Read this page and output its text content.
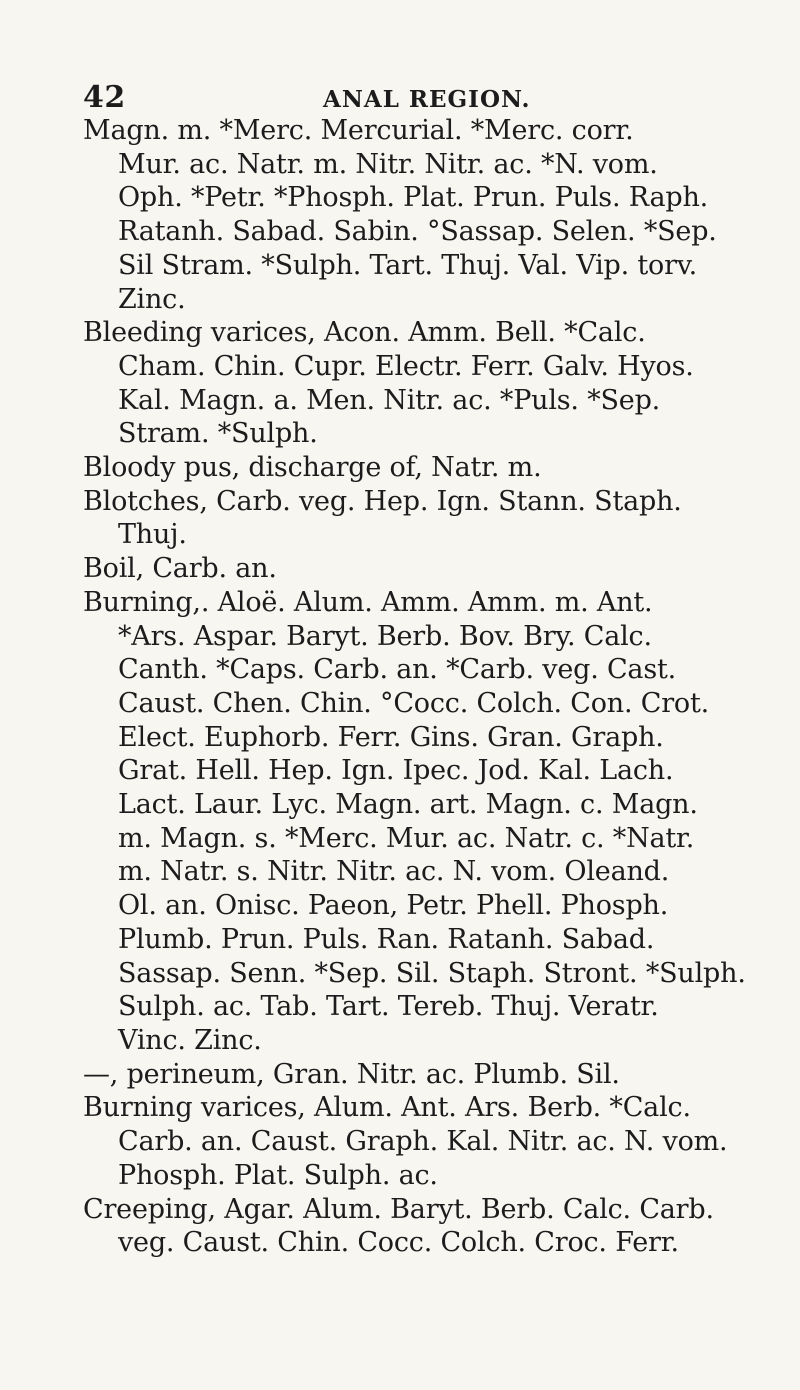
42	ANAL REGION.

Magn. m. *Merc. Mercurial. *Merc. corr.
Mur. ac. Natr. m. Nitr. Nitr. ac. *N. vom.
Oph. *Petr. *Phosph. Plat. Prun. Puls. Raph.
Ratanh. Sabad. Sabin. °Sassap. Selen. *Sep.
Sil Stram. *Sulph. Tart. Thuj. Val. Vip. torv.
Zinc.

Bleeding varices, Acon. Amm. Bell. *Calc.
Cham. Chin. Cupr. Electr. Ferr. Galv. Hyos.
Kal. Magn. a. Men. Nitr. ac. *Puls. *Sep.
Stram. *Sulph.

Bloody pus, discharge of, Natr. m.

Blotches, Carb. veg. Hep. Ign. Stann. Staph.
Thuj.

Boil, Carb. an.

Burning,. Aloë. Alum. Amm. Amm. m. Ant.
*Ars. Aspar. Baryt. Berb. Bov. Bry. Calc.
Canth. *Caps. Carb. an. *Carb. veg. Cast.
Caust. Chen. Chin. °Cocc. Colch. Con. Crot.
Elect. Euphorb. Ferr. Gins. Gran. Graph.
Grat. Hell. Hep. Ign. Ipec. Jod. Kal. Lach.
Lact. Laur. Lyc. Magn. art. Magn. c. Magn.
m. Magn. s. *Merc. Mur. ac. Natr. c. *Natr.
m. Natr. s. Nitr. Nitr. ac. N. vom. Oleand.
Ol. an. Onisc. Paeon, Petr. Phell. Phosph.
Plumb. Prun. Puls. Ran. Ratanh. Sabad.
Sassap. Senn. *Sep. Sil. Staph. Stront. *Sulph.
Sulph. ac. Tab. Tart. Tereb. Thuj. Veratr.
Vinc. Zinc.

—, perineum, Gran. Nitr. ac. Plumb. Sil.

Burning varices, Alum. Ant. Ars. Berb. *Calc.
Carb. an. Caust. Graph. Kal. Nitr. ac. N. vom.
Phosph. Plat. Sulph. ac.

Creeping, Agar. Alum. Baryt. Berb. Calc. Carb.
veg. Caust. Chin. Cocc. Colch. Croc. Ferr.
